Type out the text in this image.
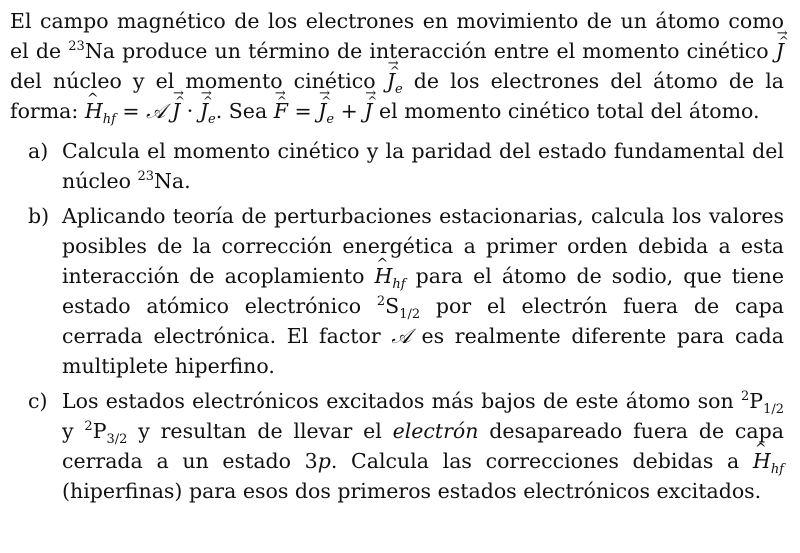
El campo magnético de los electrones en movimiento de un átomo como el de $^{23}$Na produce un término de interacción entre el momento cinético → J ^ del núcleo y el momento cinético → J $\^{}_e$ de los electrones del átomo de la forma: ^ $H_{hf}$ = 𝒜 → J ^ · → J $\^{}_e$. Sea → F ^ = → J $\^{}_e$ + → J ^ el momento cinético total del átomo.

a) Calcula el momento cinético y la paridad del estado fundamental del núcleo $^{23}$Na.
b) Aplicando teoría de perturbaciones estacionarias, calcula los valores posibles de la corrección energética a primer orden debida a esta interacción de acoplamiento ^ $H_{hf}$ para el átomo de sodio, que tiene estado atómico electrónico $^2S_{1/2}$ por el electrón fuera de capa cerrada electrónica. El factor 𝒜 es realmente diferente para cada multiplete hiperfino.
c) Los estados electrónicos excitados más bajos de este átomo son $^2P_{1/2}$ y $^2P_{3/2}$ y resultan de llevar el electrón desapareado fuera de capa cerrada a un estado 3p. Calcula las correcciones debidas a ^ $H_{hf}$ (hiperfinas) para esos dos primeros estados electrónicos excitados.
